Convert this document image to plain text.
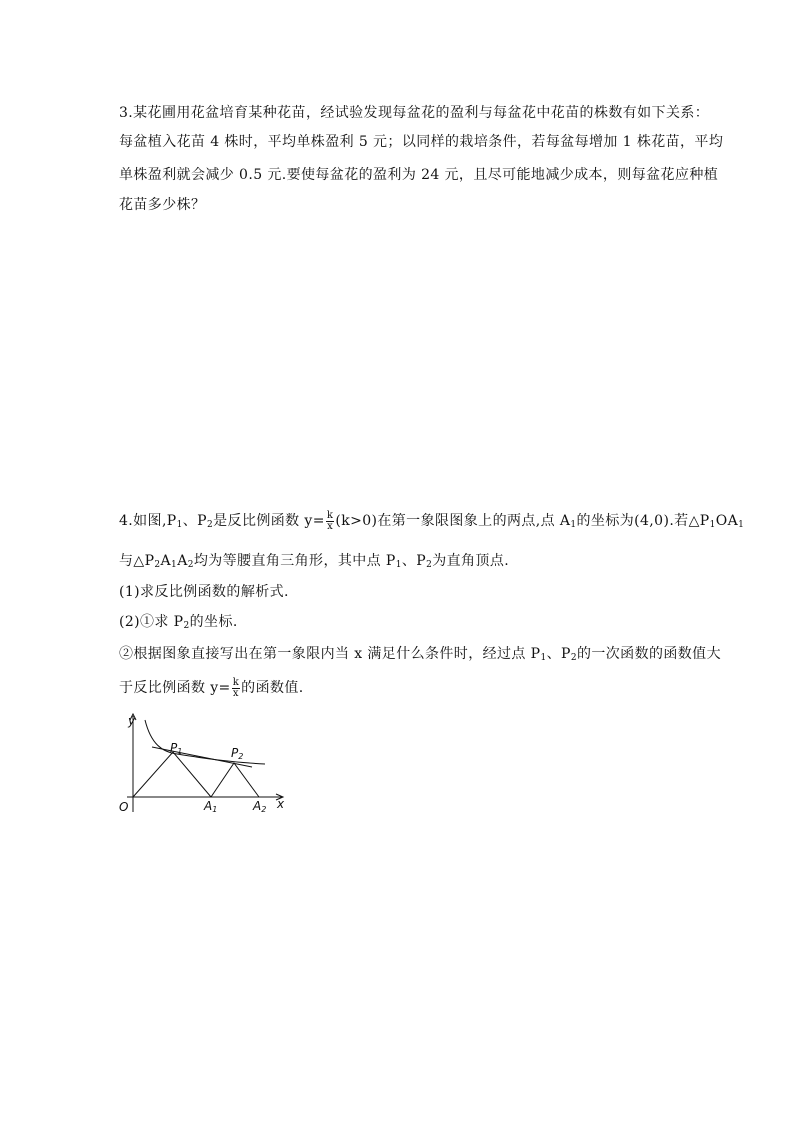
3.某花圃用花盆培育某种花苗，经试验发现每盆花的盈利与每盆花中花苗的株数有如下关系：
每盆植入花苗 4 株时，平均单株盈利 5 元；以同样的栽培条件，若每盆每增加 1 株花苗，平均
单株盈利就会减少 0.5 元.要使每盆花的盈利为 24 元，且尽可能地减少成本，则每盆花应种植
花苗多少株？
4.如图$,P_1$、$P_2$是反比例函数 $y= \frac{k}{x} (k>0)$在第一象限图象上的两点,点 $A_1$的坐标为(4,0).若$\triangle P_1OA_1$
与$\triangle P_2A_1A_2$均为等腰直角三角形，其中点 $P_1$、$P_2$为直角顶点.
(1)求反比例函数的解析式.
(2)①求 $P_2$的坐标.
②根据图象直接写出在第一象限内当 x 满足什么条件时，经过点 $P_1$、$P_2$的一次函数的函数值大
于反比例函数 $y= \frac{k}{x}$ 的函数值.
y
x
O
P1	P2
A1	A2
